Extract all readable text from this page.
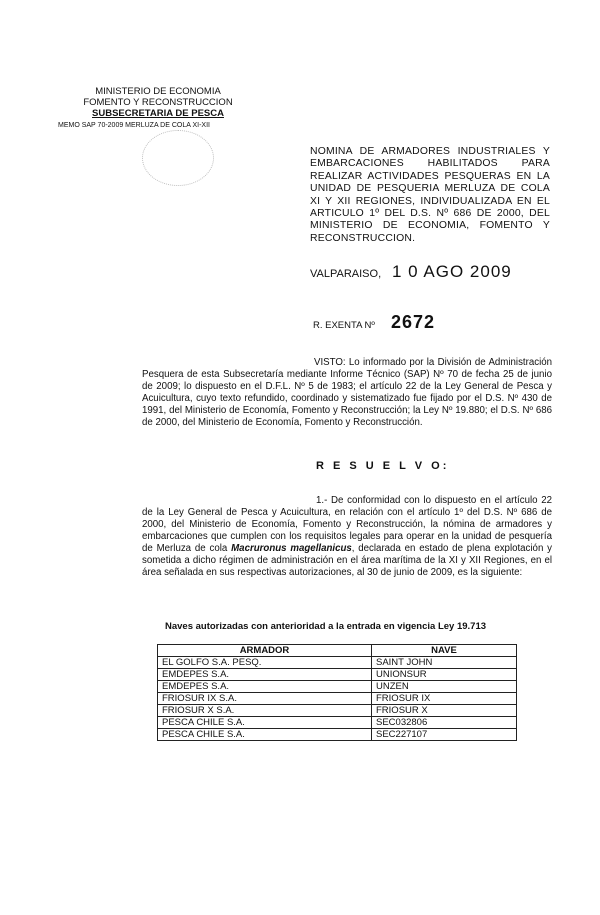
MINISTERIO DE ECONOMIA
FOMENTO Y RECONSTRUCCION
SUBSECRETARIA DE PESCA
MEMO SAP 70-2009 MERLUZA DE COLA XI-XII
NOMINA DE ARMADORES INDUSTRIALES Y EMBARCACIONES HABILITADOS PARA REALIZAR ACTIVIDADES PESQUERAS EN LA UNIDAD DE PESQUERIA MERLUZA DE COLA XI Y XII REGIONES, INDIVIDUALIZADA EN EL ARTICULO 1º DEL D.S. Nº 686 DE 2000, DEL MINISTERIO DE ECONOMIA, FOMENTO Y RECONSTRUCCION.
VALPARAISO, 1 0 AGO 2009
R. EXENTA Nº 2672
VISTO: Lo informado por la División de Administración Pesquera de esta Subsecretaría mediante Informe Técnico (SAP) Nº 70 de fecha 25 de junio de 2009; lo dispuesto en el D.F.L. Nº 5 de 1983; el artículo 22 de la Ley General de Pesca y Acuicultura, cuyo texto refundido, coordinado y sistematizado fue fijado por el D.S. Nº 430 de 1991, del Ministerio de Economía, Fomento y Reconstrucción; la Ley Nº 19.880; el D.S. Nº 686 de 2000, del Ministerio de Economía, Fomento y Reconstrucción.
R E S U E L V O:
1.- De conformidad con lo dispuesto en el artículo 22 de la Ley General de Pesca y Acuicultura, en relación con el artículo 1º del D.S. Nº 686 de 2000, del Ministerio de Economía, Fomento y Reconstrucción, la nómina de armadores y embarcaciones que cumplen con los requisitos legales para operar en la unidad de pesquería de Merluza de cola Macruronus magellanicus, declarada en estado de plena explotación y sometida a dicho régimen de administración en el área marítima de la XI y XII Regiones, en el área señalada en sus respectivas autorizaciones, al 30 de junio de 2009, es la siguiente:
Naves autorizadas con anterioridad a la entrada en vigencia Ley 19.713
ARMADOR	NAVE
EL GOLFO S.A. PESQ.	SAINT JOHN
EMDEPES S.A.	UNIONSUR
EMDEPES S.A.	UNZEN
FRIOSUR IX S.A.	FRIOSUR IX
FRIOSUR X S.A.	FRIOSUR X
PESCA CHILE S.A.	SEC032806
PESCA CHILE S.A.	SEC227107
